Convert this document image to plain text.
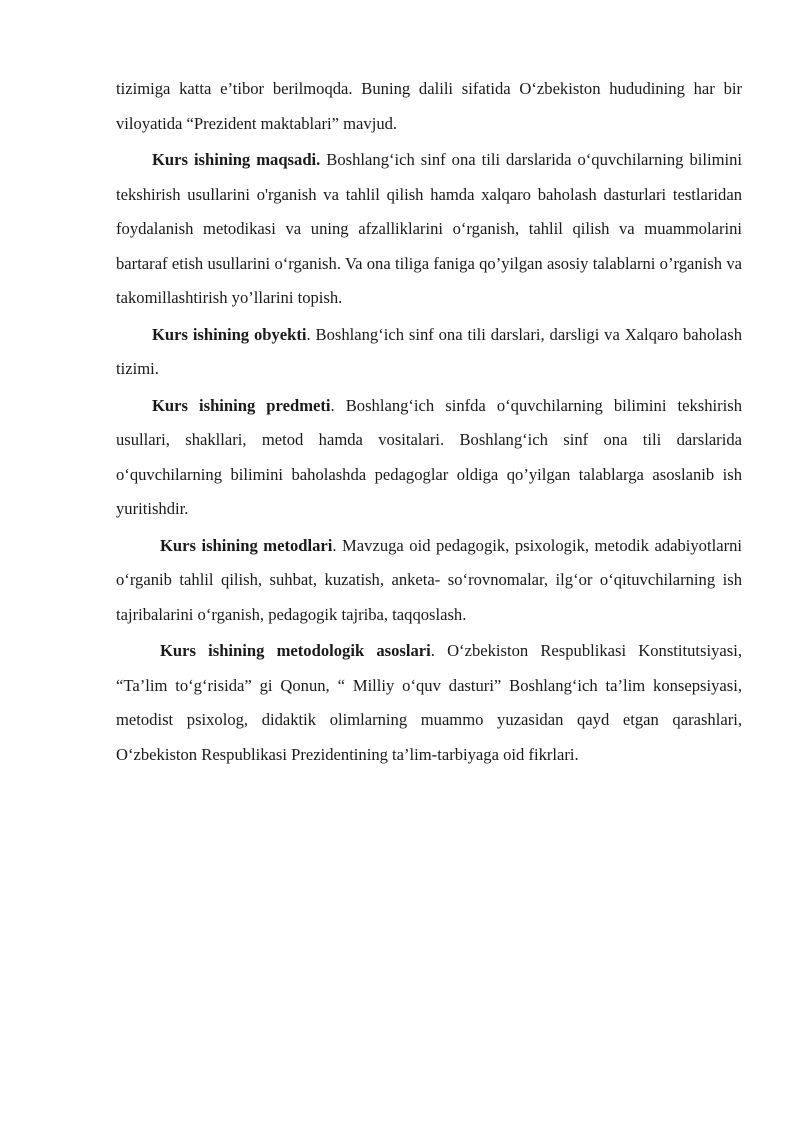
tizimiga katta e’tibor berilmoqda. Buning dalili sifatida O‘zbekiston hududining har bir viloyatida “Prezident maktablari” mavjud.

Kurs ishining maqsadi. Boshlang‘ich sinf ona tili darslarida o‘quvchilarning bilimini tekshirish usullarini o'rganish va tahlil qilish hamda xalqaro baholash dasturlari testlaridan foydalanish metodikasi va uning afzalliklarini o‘rganish, tahlil qilish va muammolarini bartaraf etish usullarini o‘rganish. Va ona tiliga faniga qo’yilgan asosiy talablarni o’rganish va takomillashtirish yo’llarini topish.

Kurs ishining obyekti. Boshlang‘ich sinf ona tili darslari, darsligi va Xalqaro baholash tizimi.

Kurs ishining predmeti. Boshlang‘ich sinfda o‘quvchilarning bilimini tekshirish usullari, shakllari, metod hamda vositalari. Boshlang‘ich sinf ona tili darslarida o‘quvchilarning bilimini baholashda pedagoglar oldiga qo’yilgan talablarga asoslanib ish yuritishdir.

Kurs ishining metodlari. Mavzuga oid pedagogik, psixologik, metodik adabiyotlarni o‘rganib tahlil qilish, suhbat, kuzatish, anketa- so‘rovnomalar, ilg‘or o‘qituvchilarning ish tajribalarini o‘rganish, pedagogik tajriba, taqqoslash.

Kurs ishining metodologik asoslari. O‘zbekiston Respublikasi Konstitutsiyasi, “Ta’lim to‘g‘risida” gi Qonun, “ Milliy o‘quv dasturi” Boshlang‘ich ta’lim konsepsiyasi, metodist psixolog, didaktik olimlarning muammo yuzasidan qayd etgan qarashlari, O‘zbekiston Respublikasi Prezidentining ta’lim-tarbiyaga oid fikrlari.
